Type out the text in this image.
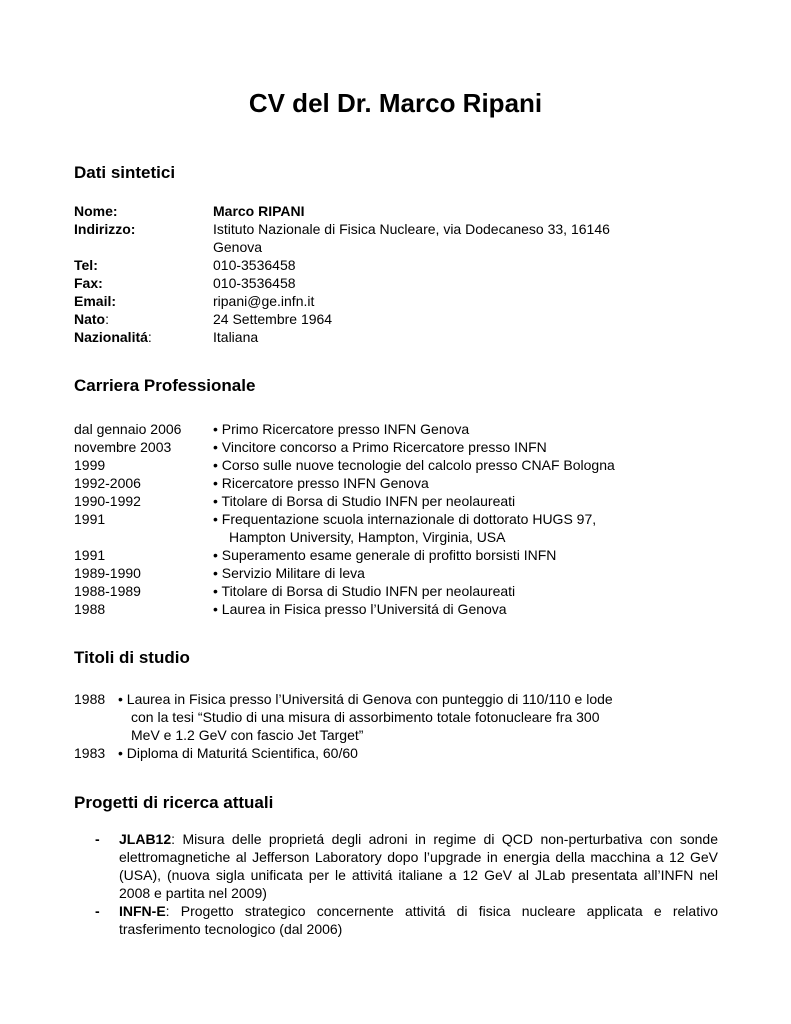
CV del Dr. Marco Ripani
Dati sintetici
Nome:	Marco RIPANI
Indirizzo:	Istituto Nazionale di Fisica Nucleare, via Dodecaneso 33, 16146
Genova
Tel:	010-3536458
Fax:	010-3536458
Email:	ripani@ge.infn.it
Nato:	24 Settembre 1964
Nazionalitá:	Italiana
Carriera Professionale
dal gennaio 2006	• Primo Ricercatore presso INFN Genova
novembre 2003	• Vincitore concorso a Primo Ricercatore presso INFN
1999	• Corso sulle nuove tecnologie del calcolo presso CNAF Bologna
1992-2006	• Ricercatore presso INFN Genova
1990-1992	• Titolare di Borsa di Studio INFN per neolaureati
1991	• Frequentazione scuola internazionale di dottorato HUGS 97,
Hampton University, Hampton, Virginia, USA
1991	• Superamento esame generale di profitto borsisti INFN
1989-1990	• Servizio Militare di leva
1988-1989	• Titolare di Borsa di Studio INFN per neolaureati
1988	• Laurea in Fisica presso l’Universitá di Genova
Titoli di studio
1988 • Laurea in Fisica presso l’Universitá di Genova con punteggio di 110/110 e lode
con la tesi “Studio di una misura di assorbimento totale fotonucleare fra 300
MeV e 1.2 GeV con fascio Jet Target”
1983 • Diploma di Maturitá Scientifica, 60/60
Progetti di ricerca attuali
-	JLAB12: Misura delle proprietá degli adroni in regime di QCD non-perturbativa con sonde elettromagnetiche al Jefferson Laboratory dopo l’upgrade in energia della macchina a 12 GeV (USA), (nuova sigla unificata per le attivitá italiane a 12 GeV al JLab presentata all’INFN nel 2008 e partita nel 2009)
-	INFN-E: Progetto strategico concernente attivitá di fisica nucleare applicata e relativo trasferimento tecnologico (dal 2006)
